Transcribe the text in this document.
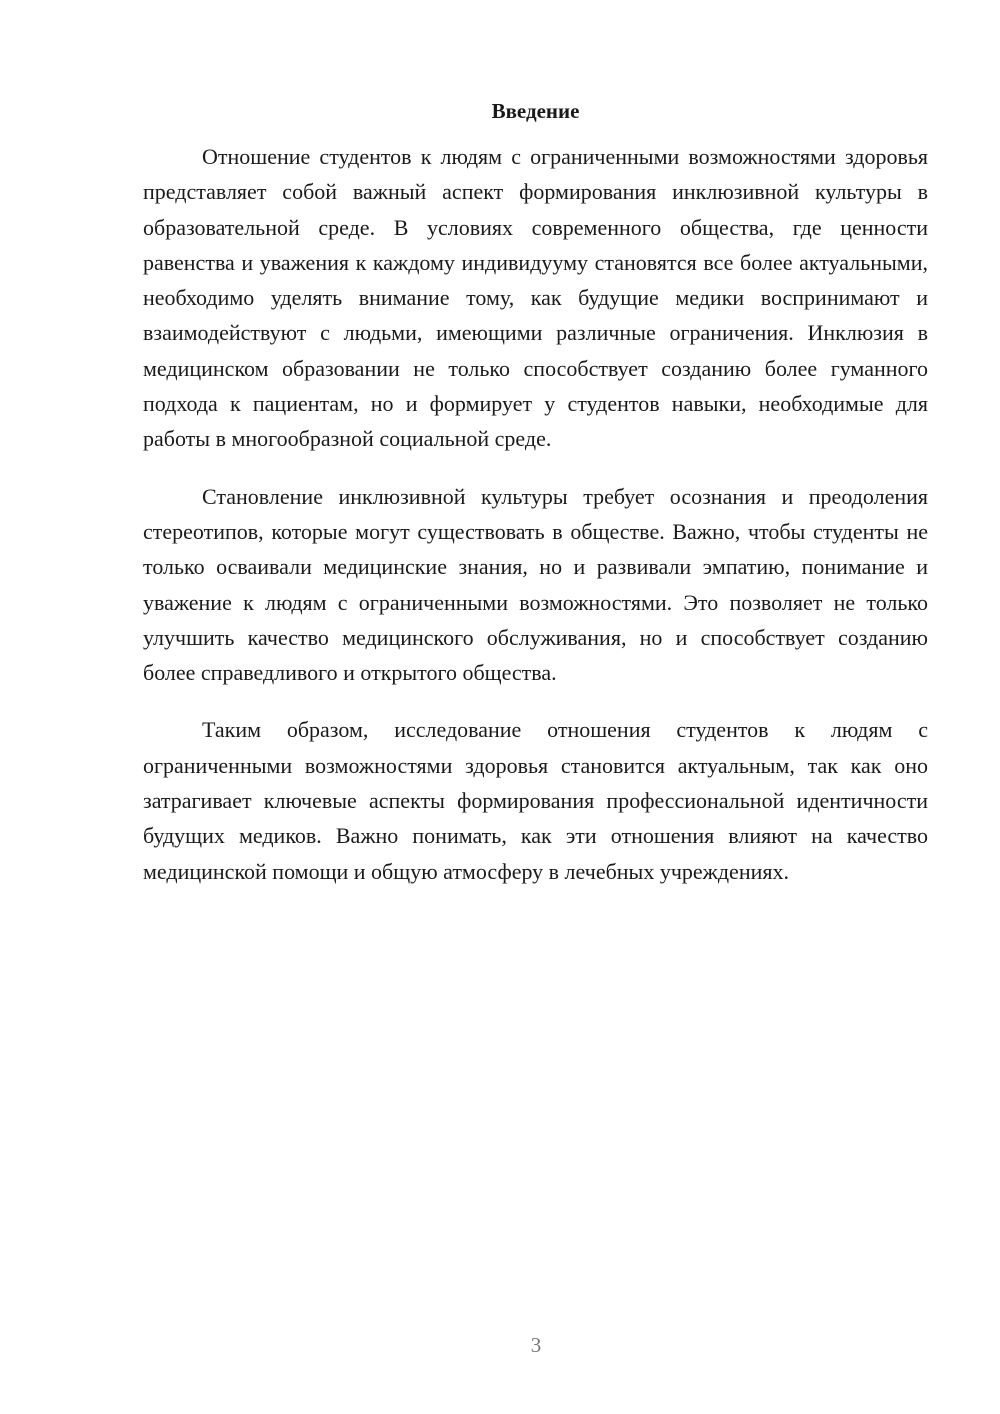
Введение

Отношение студентов к людям с ограниченными возможностями здоровья представляет собой важный аспект формирования инклюзивной культуры в образовательной среде. В условиях современного общества, где ценности равенства и уважения к каждому индивидууму становятся все более актуальными, необходимо уделять внимание тому, как будущие медики воспринимают и взаимодействуют с людьми, имеющими различные ограничения. Инклюзия в медицинском образовании не только способствует созданию более гуманного подхода к пациентам, но и формирует у студентов навыки, необходимые для работы в многообразной социальной среде.

Становление инклюзивной культуры требует осознания и преодоления стереотипов, которые могут существовать в обществе. Важно, чтобы студенты не только осваивали медицинские знания, но и развивали эмпатию, понимание и уважение к людям с ограниченными возможностями. Это позволяет не только улучшить качество медицинского обслуживания, но и способствует созданию более справедливого и открытого общества.

Таким образом, исследование отношения студентов к людям с ограниченными возможностями здоровья становится актуальным, так как оно затрагивает ключевые аспекты формирования профессиональной идентичности будущих медиков. Важно понимать, как эти отношения влияют на качество медицинской помощи и общую атмосферу в лечебных учреждениях.

3
